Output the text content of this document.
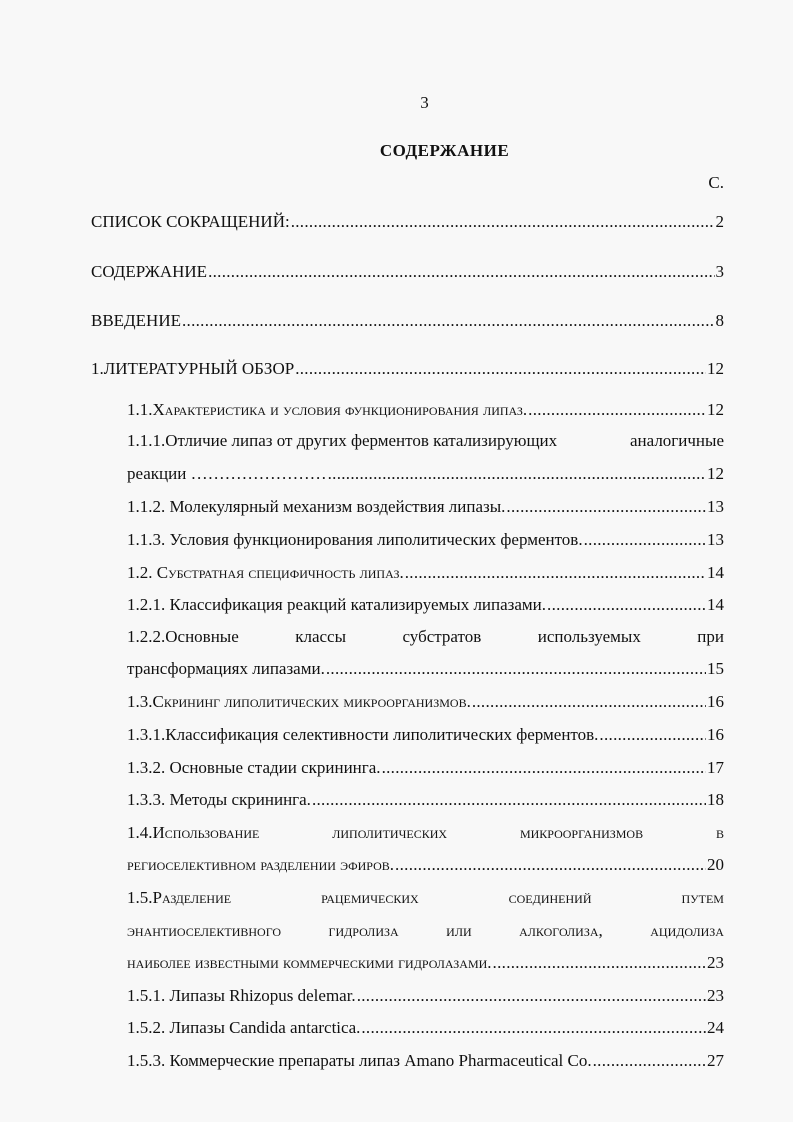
3
СОДЕРЖАНИЕ
С.
СПИСОК СОКРАЩЕНИЙ: .....	2
СОДЕРЖАНИЕ .....	3
ВВЕДЕНИЕ .....	8
1.ЛИТЕРАТУРНЫЙ ОБЗОР .....	12
1.1.Характеристика и условия функционирования липаз. .....	12
1.1.1.Отличие липаз от других ферментов катализирующих	аналогичные
реакции …………………… .....	12
1.1.2. Молекулярный механизм воздействия липазы. .....	13
1.1.3. Условия функционирования липолитических ферментов. .....	13
1.2. Субстратная специфичность липаз. .....	14
1.2.1. Классификация реакций катализируемых липазами. .....	14
1.2.2.Основные	классы	субстратов	используемых	при
трансформациях липазами. .....	15
1.3.Скрининг липолитических микроорганизмов. .....	16
1.3.1.Классификация селективности липолитических ферментов. .....	16
1.3.2. Основные стадии скрининга. .....	17
1.3.3. Методы скрининга. .....	18
1.4.Использование	липолитических	микроорганизмов	в
региоселективном разделении эфиров. .....	20
1.5.Разделение	рацемических	соединений	путем
энантиоселективного	гидролиза	или	алкоголиза,	ацидолиза
наиболее известными коммерческими гидролазами. .....	23
1.5.1. Липазы Rhizopus delemar. .....	23
1.5.2. Липазы Candida antarctica. .....	24
1.5.3. Коммерческие препараты липаз Amano Pharmaceutical Co. .....	27
